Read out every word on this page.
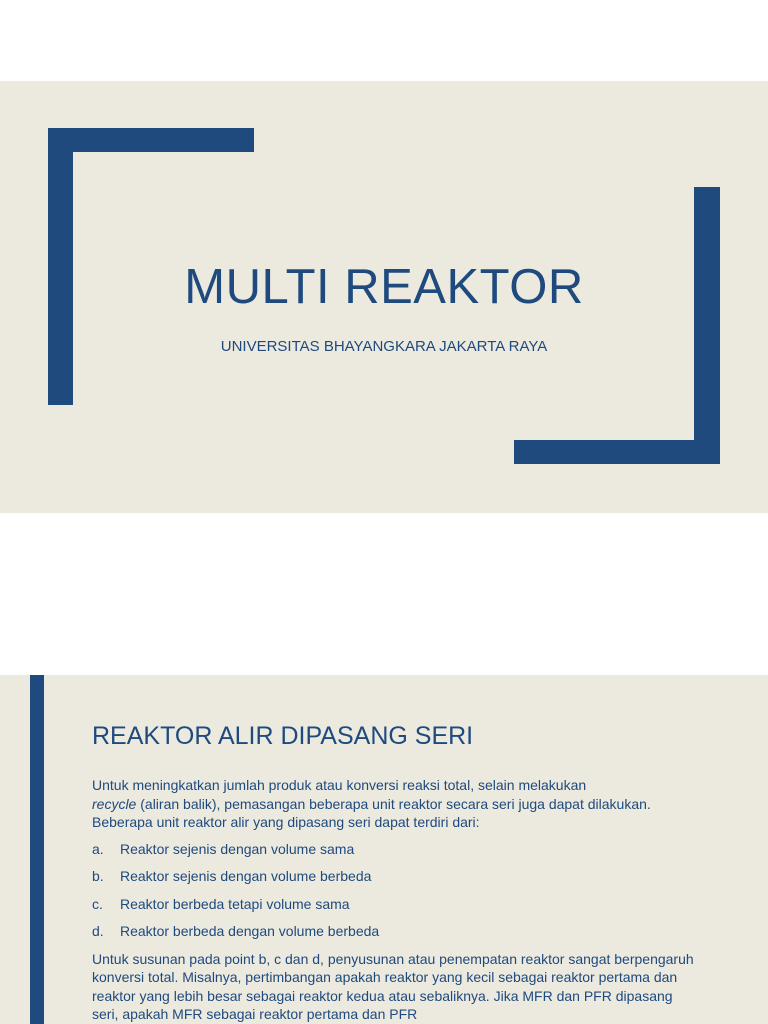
MULTI REAKTOR
UNIVERSITAS BHAYANGKARA JAKARTA RAYA
REAKTOR ALIR DIPASANG SERI

Untuk meningkatkan jumlah produk atau konversi reaksi total, selain melakukan
recycle (aliran balik), pemasangan beberapa unit reaktor secara seri juga dapat dilakukan. Beberapa unit reaktor alir yang dipasang seri dapat terdiri dari:

a.	Reaktor sejenis dengan volume sama
b.	Reaktor sejenis dengan volume berbeda
c.	Reaktor berbeda tetapi volume sama
d.	Reaktor berbeda dengan volume berbeda

Untuk susunan pada point b, c dan d, penyusunan atau penempatan reaktor sangat berpengaruh konversi total. Misalnya, pertimbangan apakah reaktor yang kecil sebagai reaktor pertama dan reaktor yang lebih besar sebagai reaktor kedua atau sebaliknya. Jika MFR dan PFR dipasang seri, apakah MFR sebagai reaktor pertama dan PFR
